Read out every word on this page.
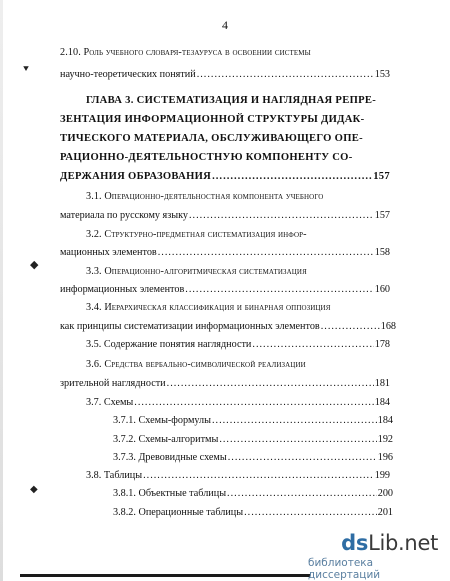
4
2.10. Роль учебного словаря-тезауруса в освоении системы
научно-теоретических понятий .....	153
ГЛАВА 3. СИСТЕМАТИЗАЦИЯ И НАГЛЯДНАЯ РЕПРЕ-
ЗЕНТАЦИЯ ИНФОРМАЦИОННОЙ СТРУКТУРЫ ДИДАК-
ТИЧЕСКОГО МАТЕРИАЛА, ОБСЛУЖИВАЮЩЕГО ОПЕ-
РАЦИОННО-ДЕЯТЕЛЬНОСТНУЮ КОМПОНЕНТУ СО-
ДЕРЖАНИЯ ОБРАЗОВАНИЯ .....	157
3.1. Операционно-деятельностная компонента учебного
материала по русскому языку .....	157
3.2. Структурно-предметная систематизация инфор-
мационных элементов .....	158
3.3. Операционно-алгоритмическая систематизация
информационных элементов .....	160
3.4. Иерархическая классификация и бинарная оппозиция
как принципы систематизации информационных элементов .....	168
3.5. Содержание понятия наглядности .....	178
3.6. Средства вербально-символической реализации
зрительной наглядности .....	181
3.7. Схемы .....	184
3.7.1. Схемы-формулы .....	184
3.7.2. Схемы-алгоритмы .....	192
3.7.3. Древовидные схемы .....	196
3.8. Таблицы .....	199
3.8.1. Объектные таблицы .....	200
3.8.2. Операционные таблицы .....	201
⯆
◆
◆
dsLib.net
библиотека диссертаций
